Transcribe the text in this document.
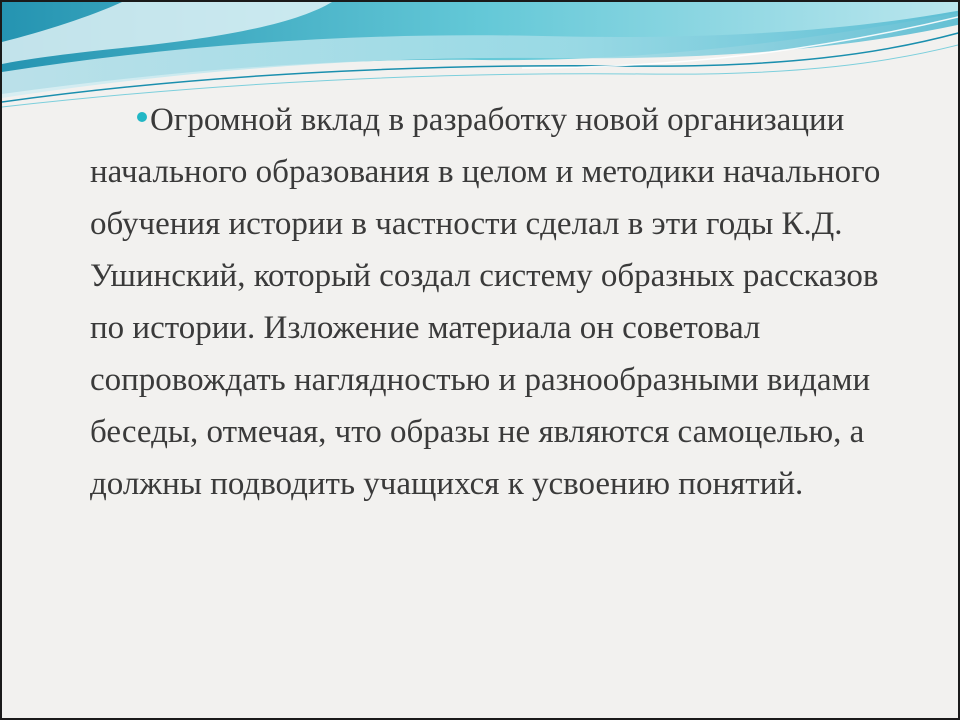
Огромной вклад в разработку новой организации начального образования в целом и методики начального обучения истории в частности сделал в эти годы К.Д. Ушинский, который создал систему образных рассказов по истории. Изложение материала он советовал сопровождать наглядностью и разнообразными видами беседы, отмечая, что образы не являются самоцелью, а должны подводить учащихся к усвоению понятий.
